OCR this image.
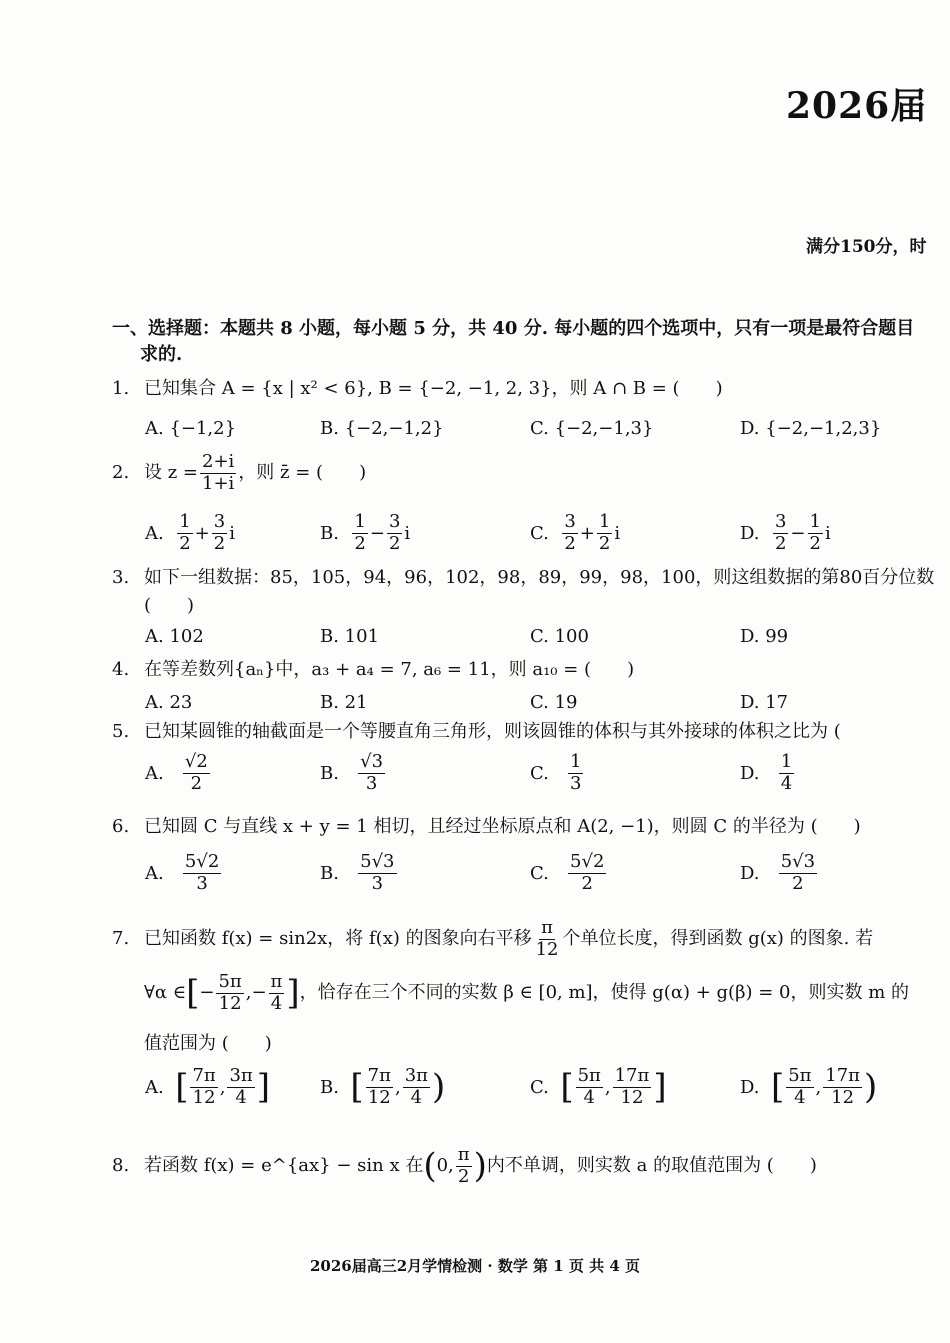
2026届
满分150分，时
一、选择题：本题共 8 小题，每小题 5 分，共 40 分. 每小题的四个选项中，只有一项是最符合题目
求的.
1. 已知集合 A = {x | x² < 6}, B = {−2, −1, 2, 3}，则 A ∩ B = (　　)
A. {−1,2}	B. {−2,−1,2}	C. {−2,−1,3}	D. {−2,−1,2,3}
2. 设 $z = \frac{2+i}{1+i}$ ，则 z̄ = (　　)
A.
$\frac{1}{2} + \frac{3}{2}$ i	B.
$\frac{1}{2} - \frac{3}{2}$ i	C.
$\frac{3}{2} + \frac{1}{2}$ i	D.
$\frac{3}{2} - \frac{1}{2}$ i
3. 如下一组数据：85，105，94，96，102，98，89，99，98，100，则这组数据的第80百分位数
(　　)
A. 102	B. 101	C. 100	D. 99
4. 在等差数列{aₙ}中，a₃ + a₄ = 7, a₆ = 11，则 a₁₀ = (　　)
A. 23	B. 21	C. 19	D. 17
5. 已知某圆锥的轴截面是一个等腰直角三角形，则该圆锥的体积与其外接球的体积之比为 (
A.
$\frac{√2}{2}$	B.
$\frac{√3}{3}$	C.
$\frac{1}{3}$	D.
$\frac{1}{4}$
6. 已知圆 C 与直线 x + y = 1 相切，且经过坐标原点和 A(2, −1)，则圆 C 的半径为 (　　)
A.
$\frac{5√2}{3}$	B.
$\frac{5√3}{3}$	C.
$\frac{5√2}{2}$	D.
$\frac{5√3}{2}$
7. 已知函数 f(x) = sin2x，将 f(x) 的图象向右平移 $\frac{\pi}{12}$ 个单位长度，得到函数 g(x) 的图象. 若
∀α ∈ [ − $\frac{5\pi}{12}$ ,− $\frac{\pi}{4}$ ] ，恰存在三个不同的实数 β ∈ [0, m]，使得 g(α) + g(β) = 0，则实数 m 的
值范围为 (　　)
A.
[ $\frac{7\pi}{12}$ , $\frac{3\pi}{4}$ ]	B.
[ $\frac{7\pi}{12}$ , $\frac{3\pi}{4}$ )	C.
[ $\frac{5\pi}{4}$ , $\frac{17\pi}{12}$ ]	D.
[ $\frac{5\pi}{4}$ , $\frac{17\pi}{12}$ )
8. 若函数 f(x) = e^{ax} − sin x 在 ( 0, $\frac{\pi}{2}$ ) 内不单调，则实数 a 的取值范围为 (　　)
2026届高三2月学情检测 · 数学 第 1 页 共 4 页
